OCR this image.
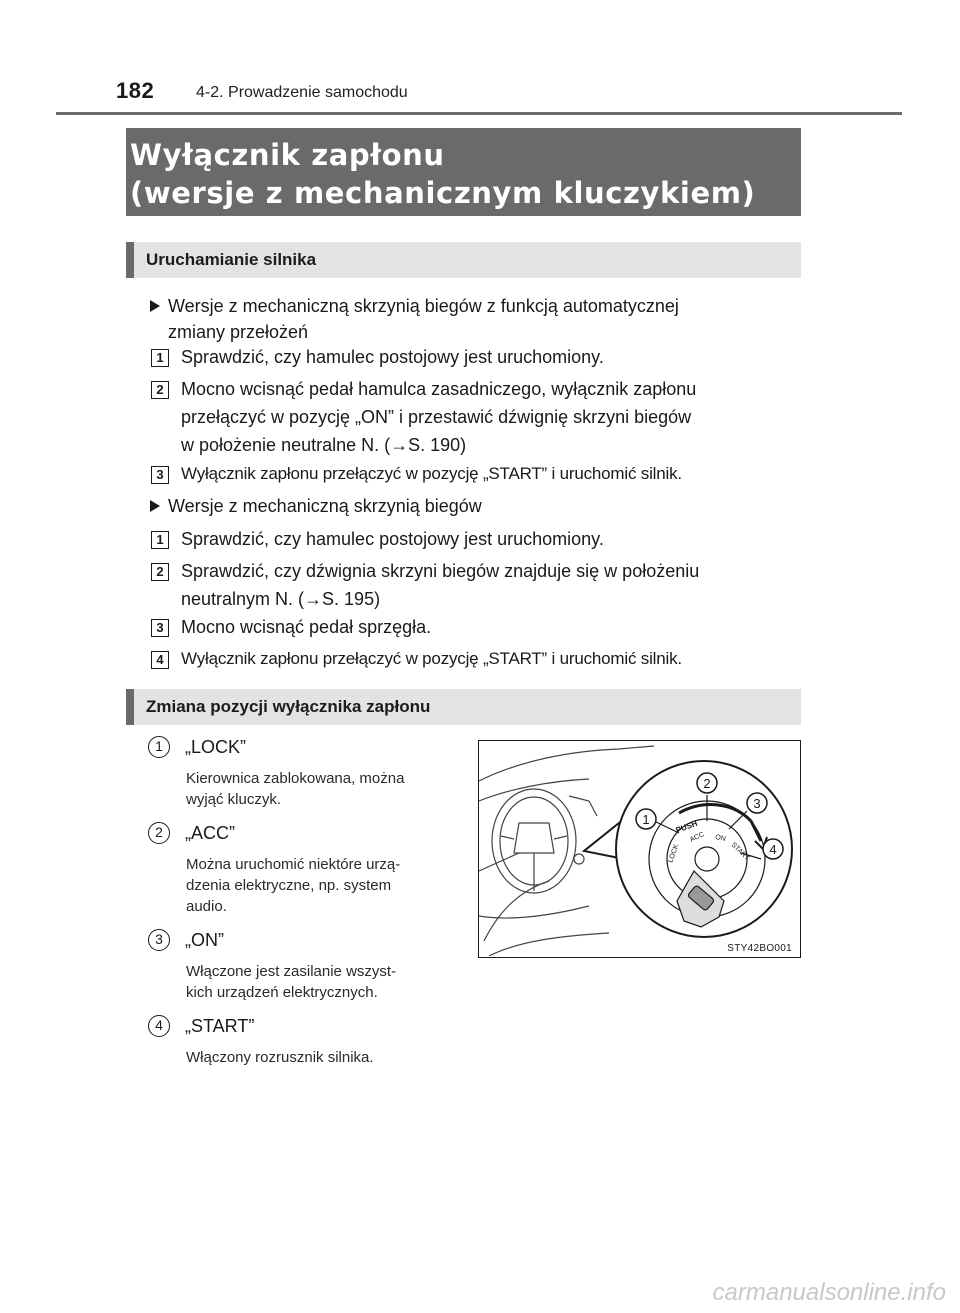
182	4-2. Prowadzenie samochodu
Wyłącznik zapłonu
(wersje z mechanicznym kluczykiem)
Uruchamianie silnika
Wersje z mechaniczną skrzynią biegów z funkcją automatycznej
zmiany przełożeń
1 Sprawdzić, czy hamulec postojowy jest uruchomiony.
2 Mocno wcisnąć pedał hamulca zasadniczego, wyłącznik zapłonu
przełączyć w pozycję „ON” i przestawić dźwignię skrzyni biegów
w położenie neutralne N. (→S. 190)
3	Wyłącznik zapłonu przełączyć w pozycję „START” i uruchomić silnik.
Wersje z mechaniczną skrzynią biegów
1 Sprawdzić, czy hamulec postojowy jest uruchomiony.
2 Sprawdzić, czy dźwignia skrzyni biegów znajduje się w położeniu
neutralnym N. (→S. 195)
3 Mocno wcisnąć pedał sprzęgła.
4	Wyłącznik zapłonu przełączyć w pozycję „START” i uruchomić silnik.
Zmiana pozycji wyłącznika zapłonu
1	„LOCK”
Kierownica zablokowana, można
wyjąć kluczyk.
2	„ACC”
Można uruchomić niektóre urzą-
dzenia elektryczne, np. system
audio.
3	„ON”
Włączone jest zasilanie wszyst-
kich urządzeń elektrycznych.
4	„START”
Włączony rozrusznik silnika.
1
2
3
4
PUSH
LOCK
ACC ON
START
STY42BO001
carmanualsonline.info
